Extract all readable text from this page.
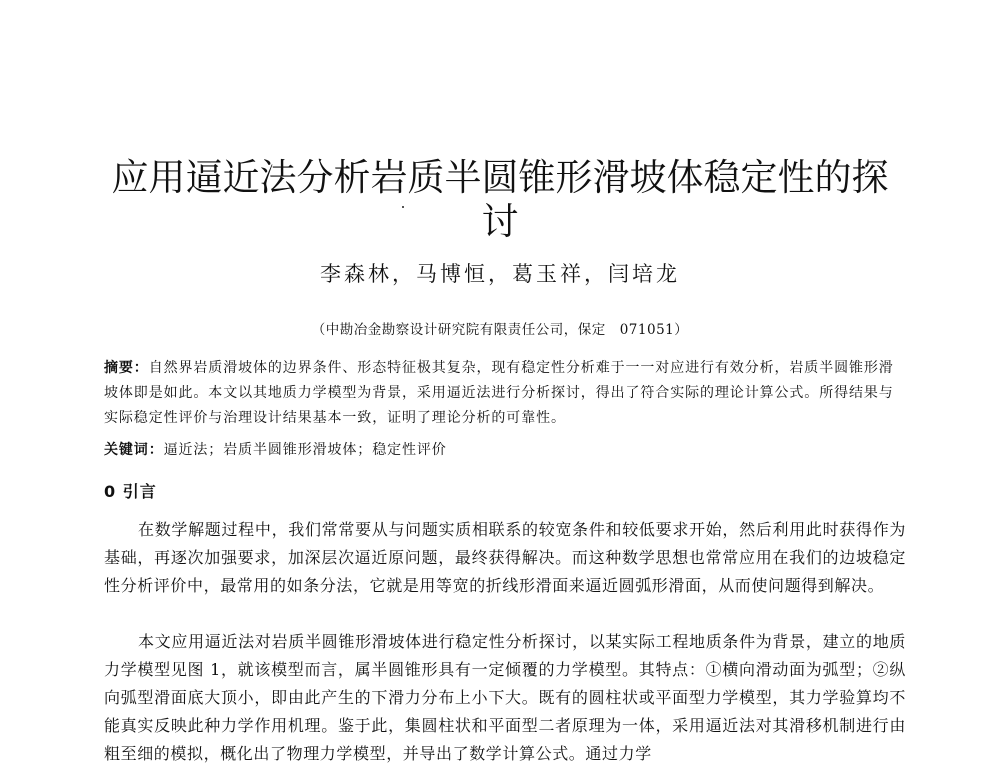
应用逼近法分析岩质半圆锥形滑坡体稳定性的探讨
李森林，马博恒，葛玉祥，闫培龙
（中勘冶金勘察设计研究院有限责任公司，保定　071051）
摘要：自然界岩质滑坡体的边界条件、形态特征极其复杂，现有稳定性分析难于一一对应进行有效分析，岩质半圆锥形滑坡体即是如此。本文以其地质力学模型为背景，采用逼近法进行分析探讨，得出了符合实际的理论计算公式。所得结果与实际稳定性评价与治理设计结果基本一致，证明了理论分析的可靠性。
关键词：逼近法；岩质半圆锥形滑坡体；稳定性评价
0 引言

在数学解题过程中，我们常常要从与问题实质相联系的较宽条件和较低要求开始，然后利用此时获得作为基础，再逐次加强要求，加深层次逼近原问题，最终获得解决。而这种数学思想也常常应用在我们的边坡稳定性分析评价中，最常用的如条分法，它就是用等宽的折线形滑面来逼近圆弧形滑面，从而使问题得到解决。

本文应用逼近法对岩质半圆锥形滑坡体进行稳定性分析探讨，以某实际工程地质条件为背景，建立的地质力学模型见图 1，就该模型而言，属半圆锥形具有一定倾覆的力学模型。其特点：①横向滑动面为弧型；②纵向弧型滑面底大顶小，即由此产生的下滑力分布上小下大。既有的圆柱状或平面型力学模型，其力学验算均不能真实反映此种力学作用机理。鉴于此，集圆柱状和平面型二者原理为一体，采用逼近法对其滑移机制进行由粗至细的模拟，概化出了物理力学模型，并导出了数学计算公式。通过力学
